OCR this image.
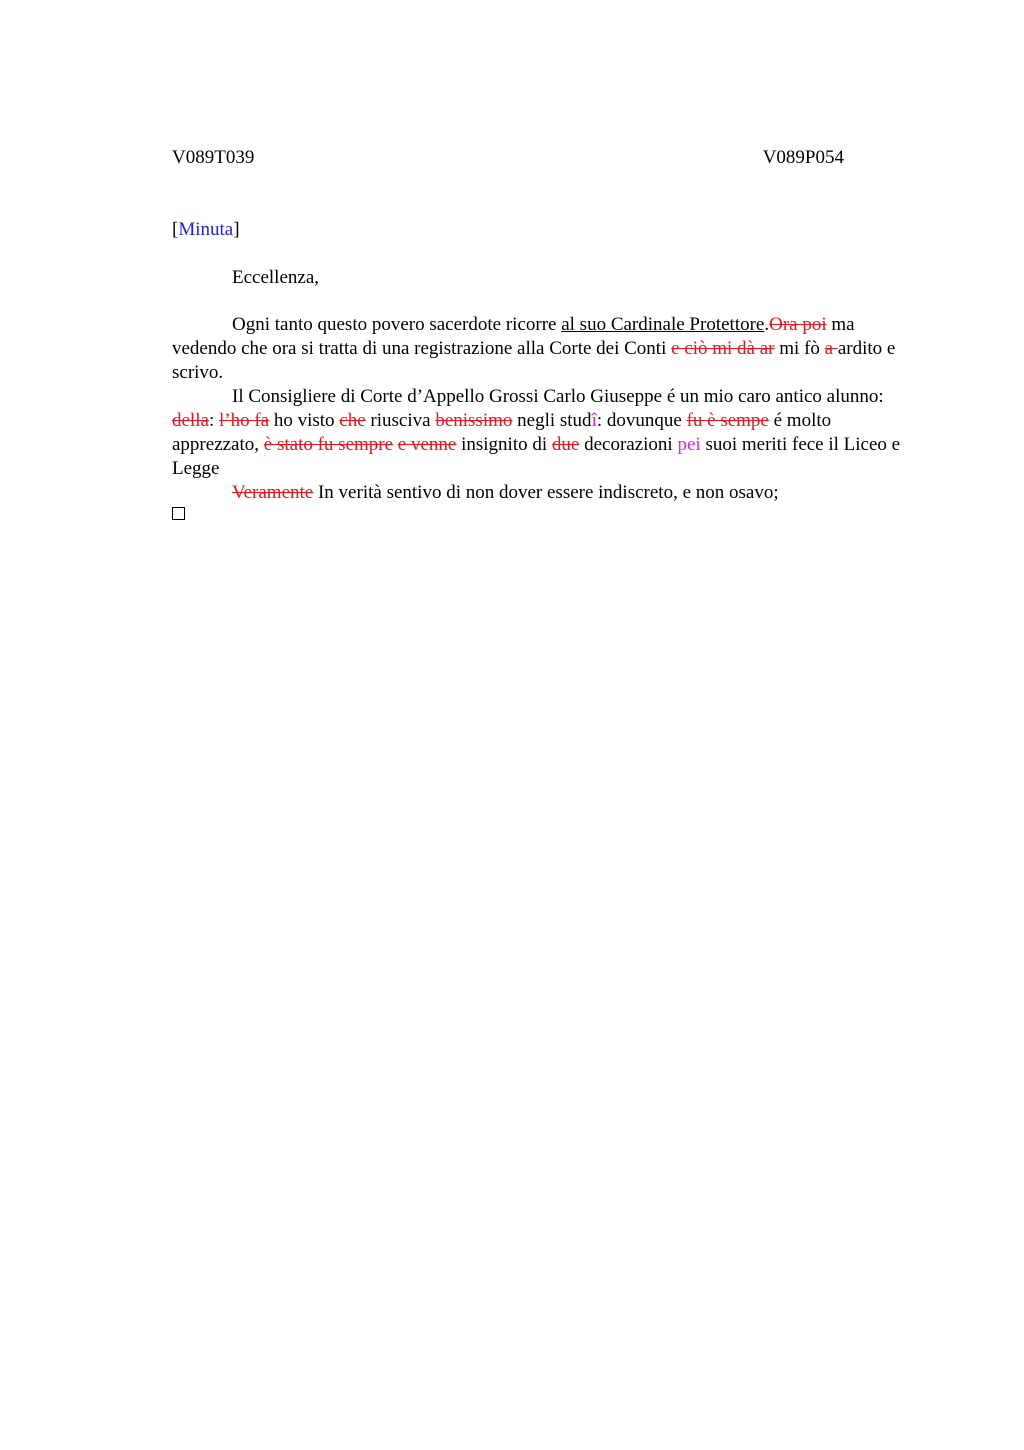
V089T039	V089P054
[Minuta]
Eccellenza,

Ogni tanto questo povero sacerdote ricorre al suo Cardinale Protettore.Ora poi ma vedendo che ora si tratta di una registrazione alla Corte dei Conti e ciò mi dà ar mi fò a ardito e scrivo.

Il Consigliere di Corte d’Appello Grossi Carlo Giuseppe é un mio caro antico alunno: della: l’ho fa ho visto che riusciva benissimo negli studî: dovunque fu è sempe é molto apprezzato, è stato fu sempre e venne insignito di due decorazioni pei suoi meriti fece il Liceo e Legge

Veramente In verità sentivo di non dover essere indiscreto, e non osavo;
